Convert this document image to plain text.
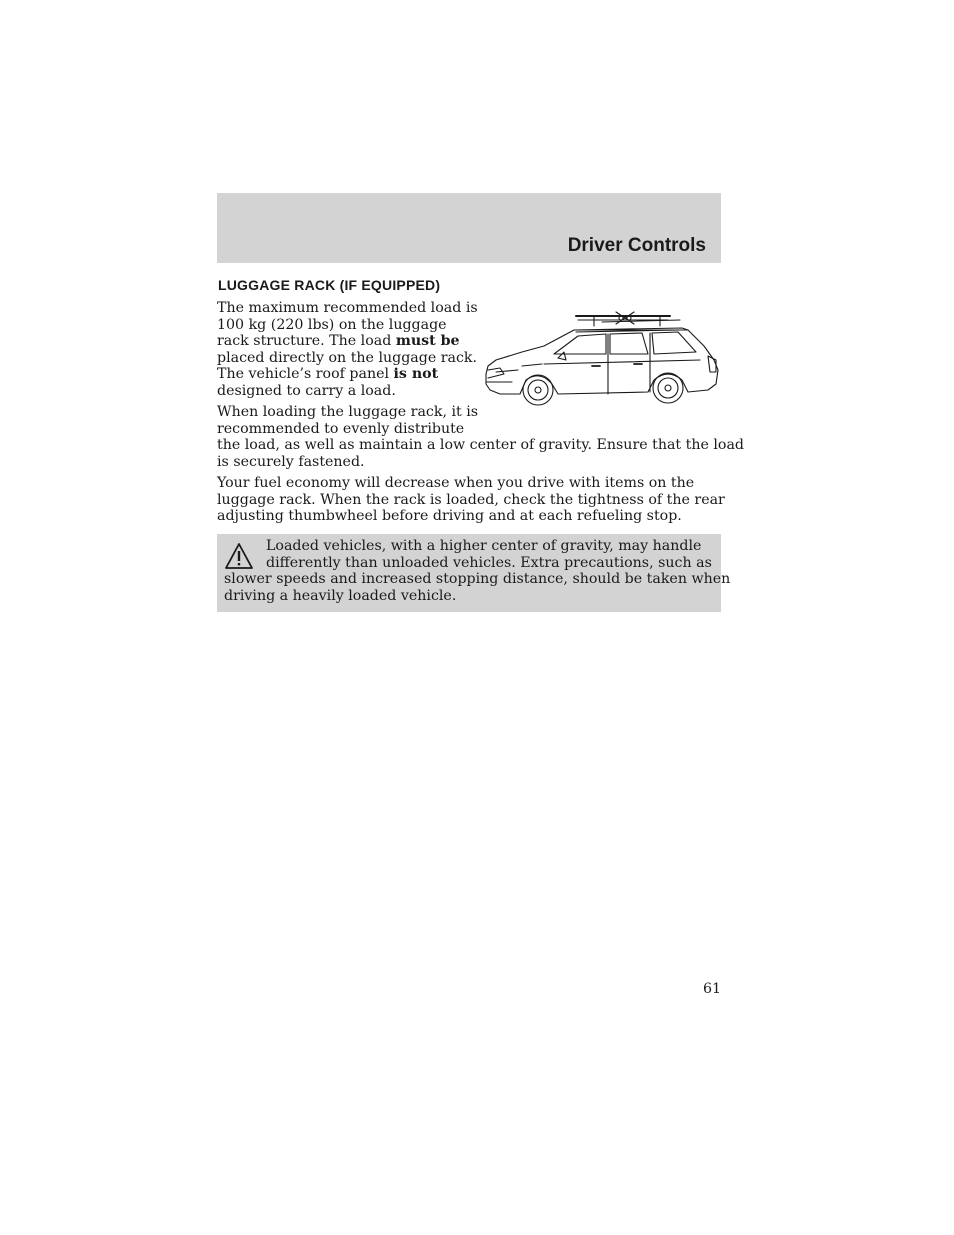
Driver Controls
LUGGAGE RACK (IF EQUIPPED)

The maximum recommended load is
100 kg (220 lbs) on the luggage
rack structure. The load must be
placed directly on the luggage rack.
The vehicle’s roof panel is not
designed to carry a load.

When loading the luggage rack, it is
recommended to evenly distribute
the load, as well as maintain a low center of gravity. Ensure that the load
is securely fastened.

Your fuel economy will decrease when you drive with items on the
luggage rack. When the rack is loaded, check the tightness of the rear
adjusting thumbwheel before driving and at each refueling stop.

Loaded vehicles, with a higher center of gravity, may handle
differently than unloaded vehicles. Extra precautions, such as
slower speeds and increased stopping distance, should be taken when
driving a heavily loaded vehicle.

61
